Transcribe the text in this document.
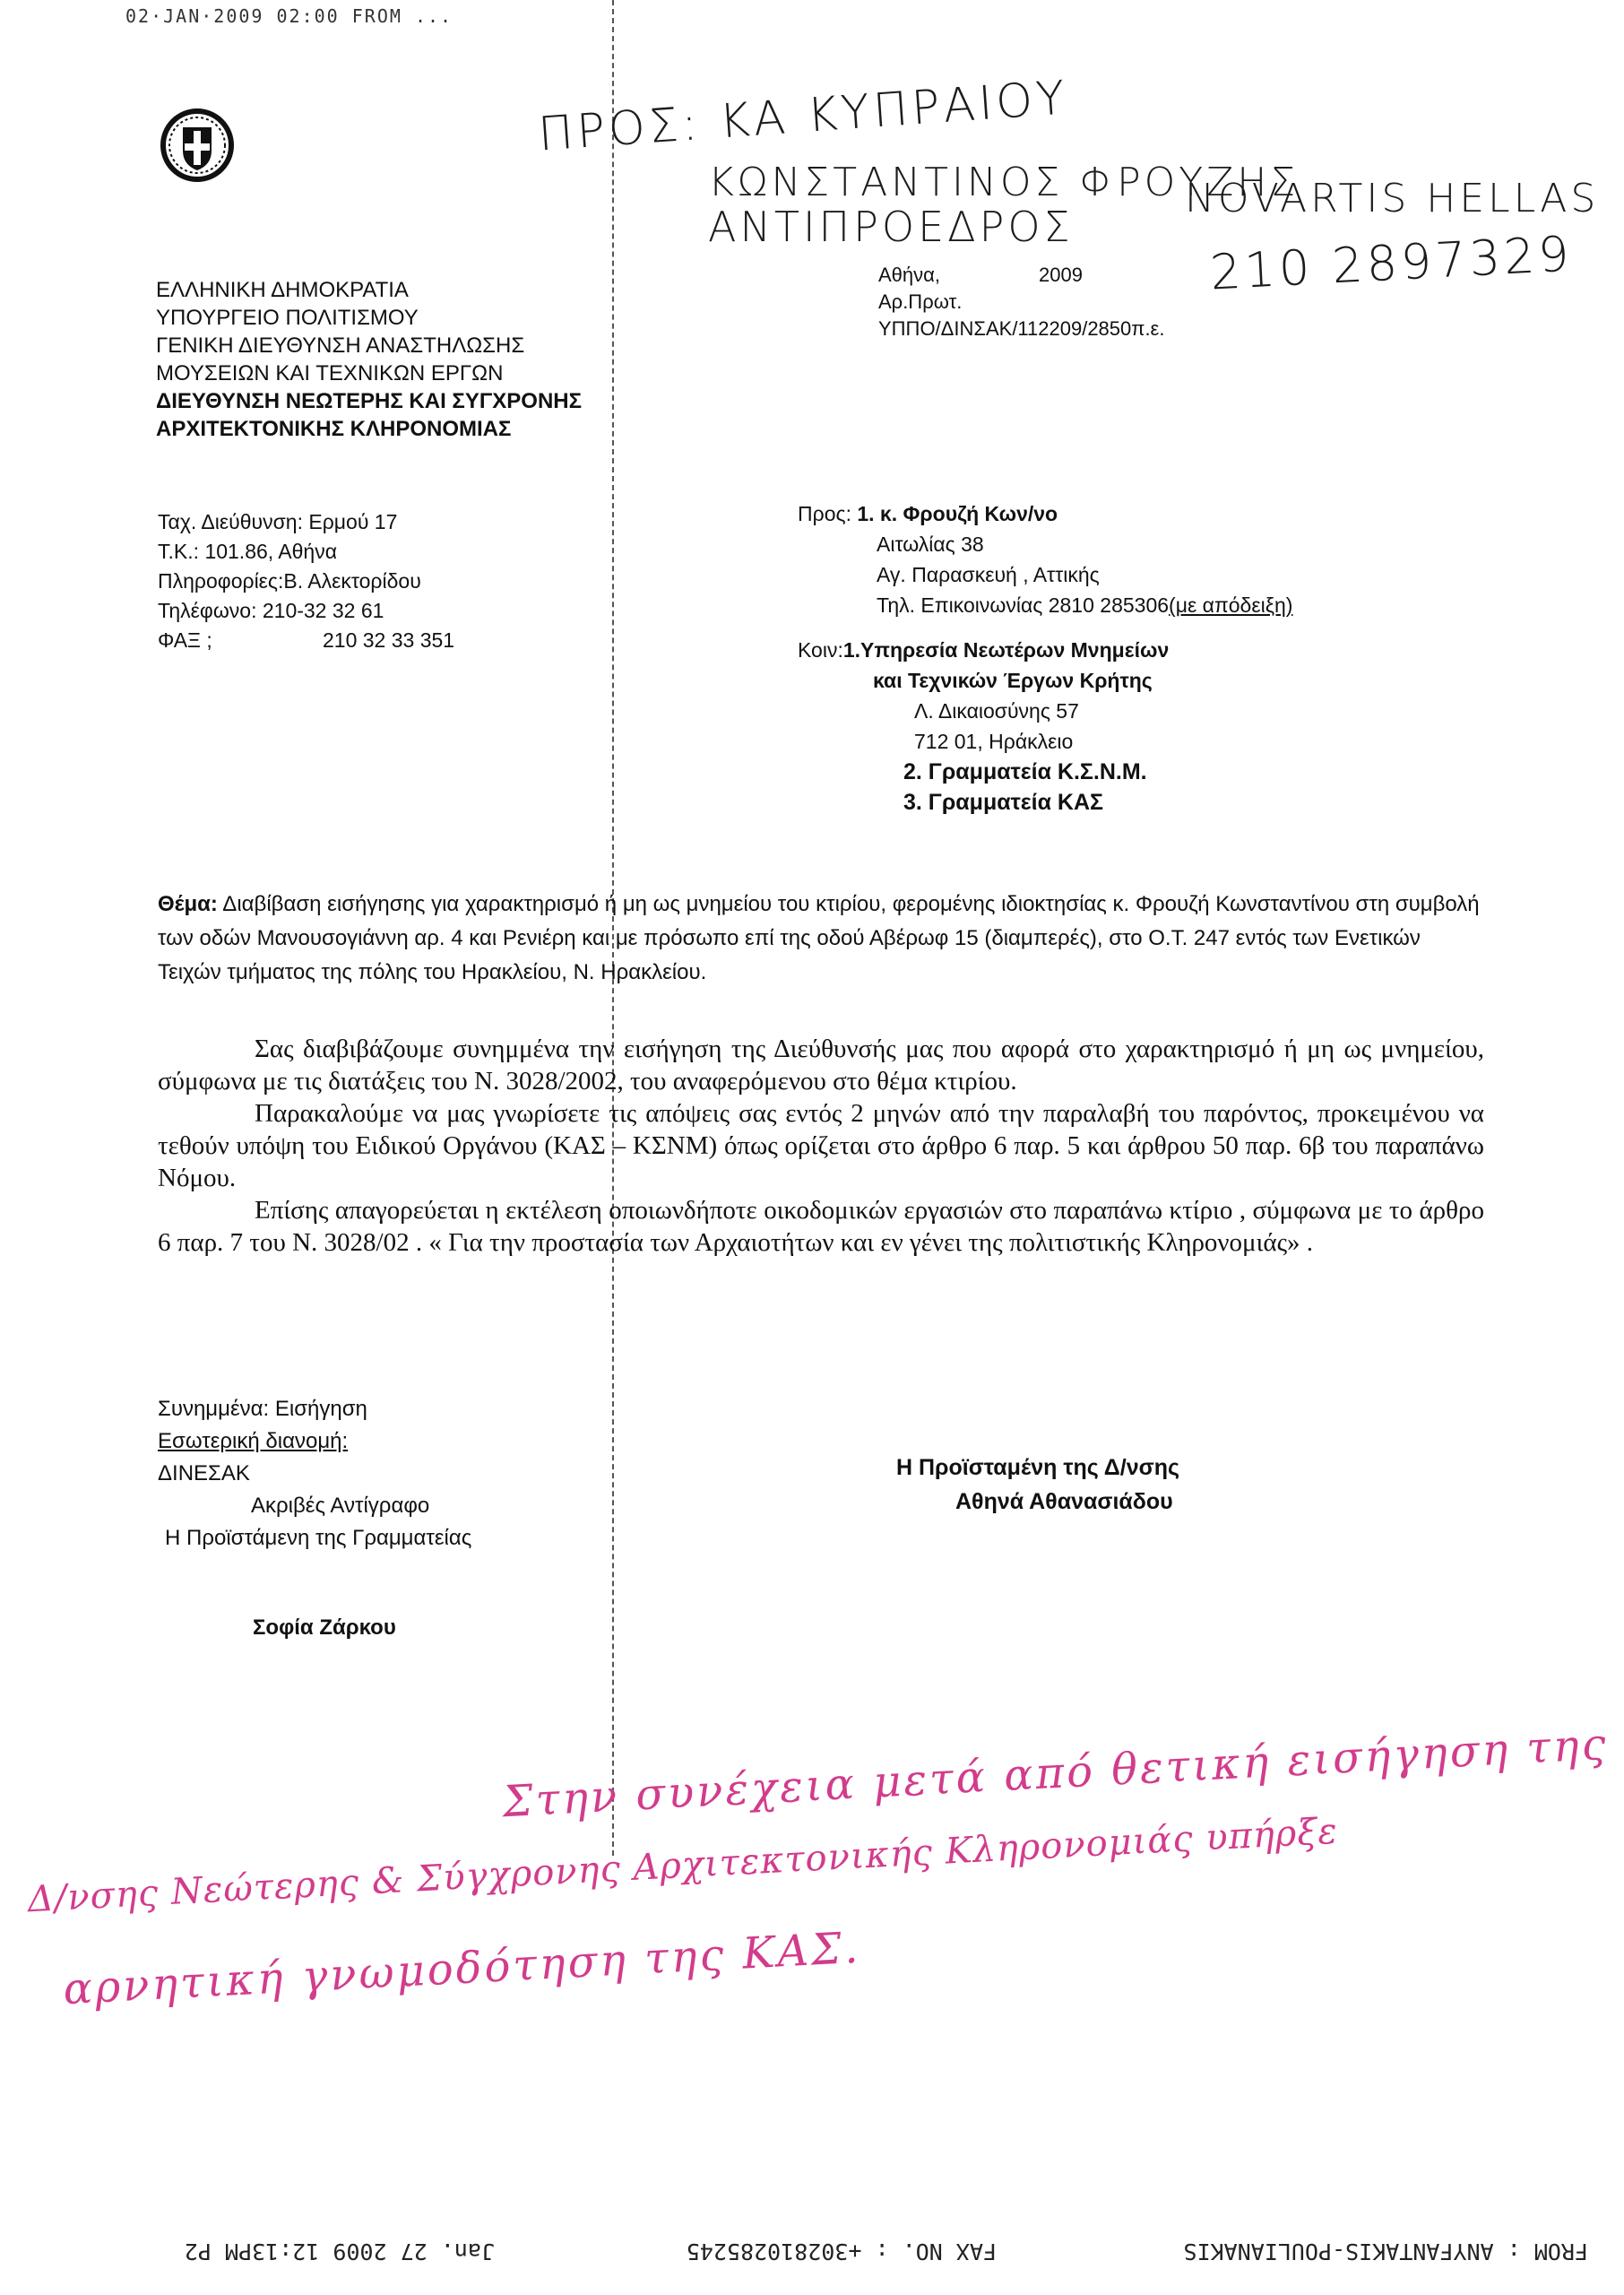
02·JAN·2009 02:00 FROM ...
ΠΡΟΣ: ΚΑ ΚΥΠΡΑΙΟΥ
ΚΩΝΣΤΑΝΤΙΝΟΣ ΦΡΟΥΖΗΣ
ΑΝΤΙΠΡΟΕΔΡΟΣ
NOVARTIS HELLAS
210 2897329
ΕΛΛΗΝΙΚΗ ΔΗΜΟΚΡΑΤΙΑ
ΥΠΟΥΡΓΕΙΟ ΠΟΛΙΤΙΣΜΟΥ
ΓΕΝΙΚΗ ΔΙΕΥΘΥΝΣΗ ΑΝΑΣΤΗΛΩΣΗΣ
ΜΟΥΣΕΙΩΝ ΚΑΙ ΤΕΧΝΙΚΩΝ ΕΡΓΩΝ
ΔΙΕΥΘΥΝΣΗ ΝΕΩΤΕΡΗΣ ΚΑΙ ΣΥΓΧΡΟΝΗΣ
ΑΡΧΙΤΕΚΤΟΝΙΚΗΣ ΚΛΗΡΟΝΟΜΙΑΣ
Ταχ. Διεύθυνση: Ερμού 17
Τ.Κ.: 101.86, Αθήνα
Πληροφορίες:Β. Αλεκτορίδου
Τηλέφωνο: 210-32 32 61
ΦΑΞ ;	210 32 33 351
Αθήνα,	2009
Αρ.Πρωτ.
ΥΠΠΟ/ΔΙΝΣΑΚ/112209/2850π.ε.
Προς: 1. κ. Φρουζή Κων/νο
Αιτωλίας 38
Αγ. Παρασκευή , Αττικής
Τηλ. Επικοινωνίας 2810 285306(με απόδειξη)
Κοιν:1.Υπηρεσία Νεωτέρων Μνημείων
και Τεχνικών Έργων Κρήτης
Λ. Δικαιοσύνης 57
712 01, Ηράκλειο
2. Γραμματεία Κ.Σ.Ν.Μ.
3. Γραμματεία ΚΑΣ
Θέμα: Διαβίβαση εισήγησης για χαρακτηρισμό ή μη ως μνημείου του κτιρίου, φερομένης ιδιοκτησίας κ. Φρουζή Κωνσταντίνου στη συμβολή των οδών Μανουσογιάννη αρ. 4 και Ρενιέρη και με πρόσωπο επί της οδού Αβέρωφ 15 (διαμπερές), στο Ο.Τ. 247 εντός των Ενετικών Τειχών τμήματος της πόλης του Ηρακλείου, Ν. Ηρακλείου.

Σας διαβιβάζουμε συνημμένα την εισήγηση της Διεύθυνσής μας που αφορά στο χαρακτηρισμό ή μη ως μνημείου, σύμφωνα με τις διατάξεις του Ν. 3028/2002, του αναφερόμενου στο θέμα κτιρίου.

Παρακαλούμε να μας γνωρίσετε τις απόψεις σας εντός 2 μηνών από την παραλαβή του παρόντος, προκειμένου να τεθούν υπόψη του Ειδικού Οργάνου (ΚΑΣ – ΚΣΝΜ) όπως ορίζεται στο άρθρο 6 παρ. 5 και άρθρου 50 παρ. 6β του παραπάνω Νόμου.

Επίσης απαγορεύεται η εκτέλεση οποιωνδήποτε οικοδομικών εργασιών στο παραπάνω κτίριο , σύμφωνα με το άρθρο 6 παρ. 7 του Ν. 3028/02 . « Για την προστασία των Αρχαιοτήτων και εν γένει της πολιτιστικής Κληρονομιάς» .

Συνημμένα: Εισήγηση
Εσωτερική διανομή:
ΔΙΝΕΣΑΚ
Ακριβές Αντίγραφο
Η Προϊστάμενη της Γραμματείας
Σοφία Ζάρκου
Η Προϊσταμένη της Δ/νσης
Αθηνά Αθανασιάδου
Στην συνέχεια μετά από θετική εισήγηση της
Δ/νσης Νεώτερης & Σύγχρονης Αρχιτεκτονικής Κληρονομιάς υπήρξε
αρνητική γνωμοδότηση της ΚΑΣ.
FROM : ANYFANTAKIS-POULIANAKIS
FAX NO. : +302810285245
Jan. 27 2009 12:13PM P2
